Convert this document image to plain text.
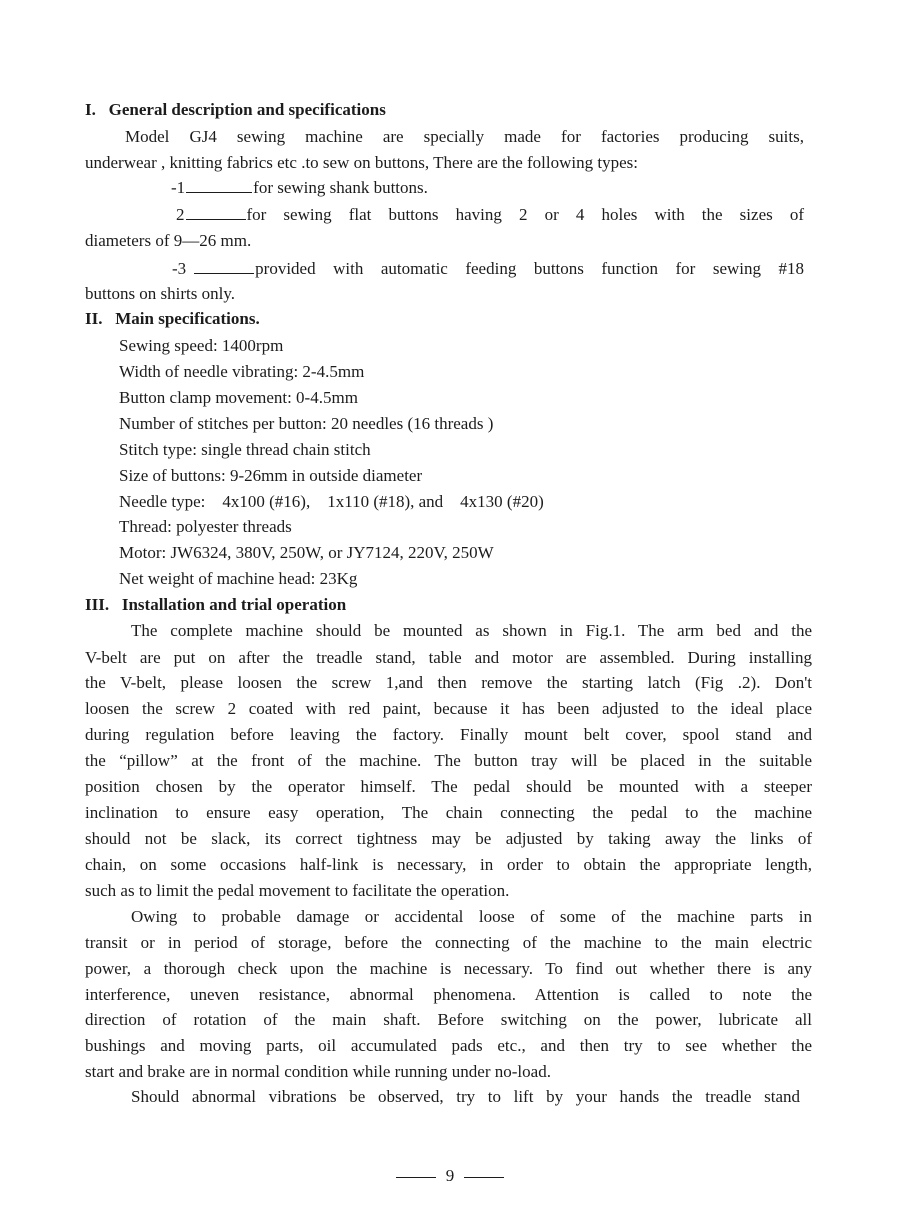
I. General description and specifications
Model GJ4 sewing machine are specially made for factories producing suits,
underwear , knitting fabrics etc .to sew on buttons, There are the following types:
-1	for sewing shank buttons.
2	for sewing flat buttons having 2 or 4 holes with the sizes of
diameters of 9—26 mm.
-3	provided with automatic feeding buttons function for sewing #18
buttons on shirts only.
II. Main specifications.
Sewing speed: 1400rpm
Width of needle vibrating: 2-4.5mm
Button clamp movement: 0-4.5mm
Number of stitches per button: 20 needles (16 threads )
Stitch type: single thread chain stitch
Size of buttons: 9-26mm in outside diameter
Needle type:    4x100 (#16),    1x110 (#18), and    4x130 (#20)
Thread: polyester threads
Motor: JW6324, 380V, 250W, or JY7124, 220V, 250W
Net weight of machine head: 23Kg
III. Installation and trial operation
The complete machine should be mounted as shown in Fig.1. The arm bed and the
V-belt are put on after the treadle stand, table and motor are assembled. During installing
the V-belt, please loosen the screw 1,and then remove the starting latch (Fig .2). Don't
loosen the screw 2 coated with red paint, because it has been adjusted to the ideal place
during regulation before leaving the factory. Finally mount belt cover, spool stand and
the “pillow” at the front of the machine. The button tray will be placed in the suitable
position chosen by the operator himself. The pedal should be mounted with a steeper
inclination to ensure easy operation, The chain connecting the pedal to the machine
should not be slack, its correct tightness may be adjusted by taking away the links of
chain, on some occasions half-link is necessary, in order to obtain the appropriate length,
such as to limit the pedal movement to facilitate the operation.
Owing to probable damage or accidental loose of some of the machine parts in
transit or in period of storage, before the connecting of the machine to the main electric
power, a thorough check upon the machine is necessary. To find out whether there is any
interference, uneven resistance, abnormal phenomena. Attention is called to note the
direction of rotation of the main shaft. Before switching on the power, lubricate all
bushings and moving parts, oil accumulated pads etc., and then try to see whether the
start and brake are in normal condition while running under no-load.
Should abnormal vibrations be observed, try to lift by your hands the treadle stand
9
